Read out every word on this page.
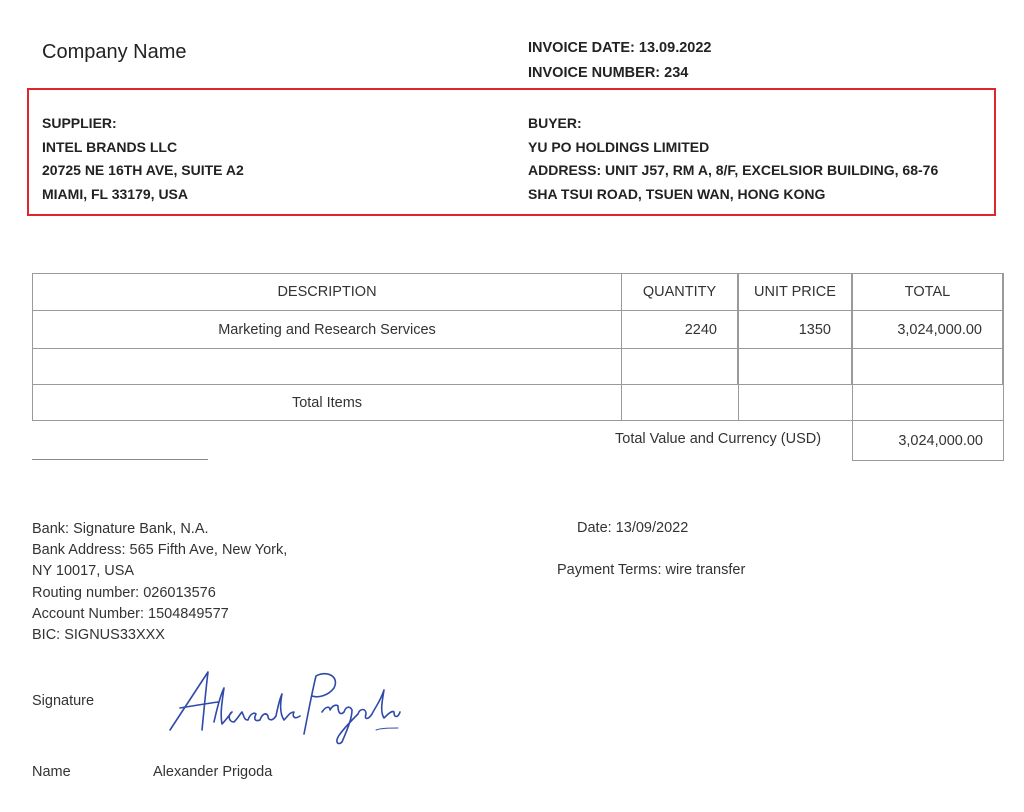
Company Name	INVOICE DATE: 13.09.2022
INVOICE NUMBER: 234
SUPPLIER:
INTEL BRANDS LLC
20725 NE 16TH AVE, SUITE A2
MIAMI, FL 33179, USA
BUYER:
YU PO HOLDINGS LIMITED
ADDRESS: UNIT J57, RM A, 8/F, EXCELSIOR BUILDING, 68-76
SHA TSUI ROAD, TSUEN WAN, HONG KONG
DESCRIPTION	QUANTITY	UNIT PRICE	TOTAL
Marketing and Research Services	2240	1350	3,024,000.00
Total Items
Total Value and Currency (USD)	3,024,000.00
Bank: Signature Bank, N.A.
Bank Address: 565 Fifth Ave, New York,
NY 10017, USA
Routing number: 026013576
Account Number: 1504849577
BIC: SIGNUS33XXX
Date: 13/09/2022
Payment Terms: wire transfer
Signature
Name	Alexander Prigoda
